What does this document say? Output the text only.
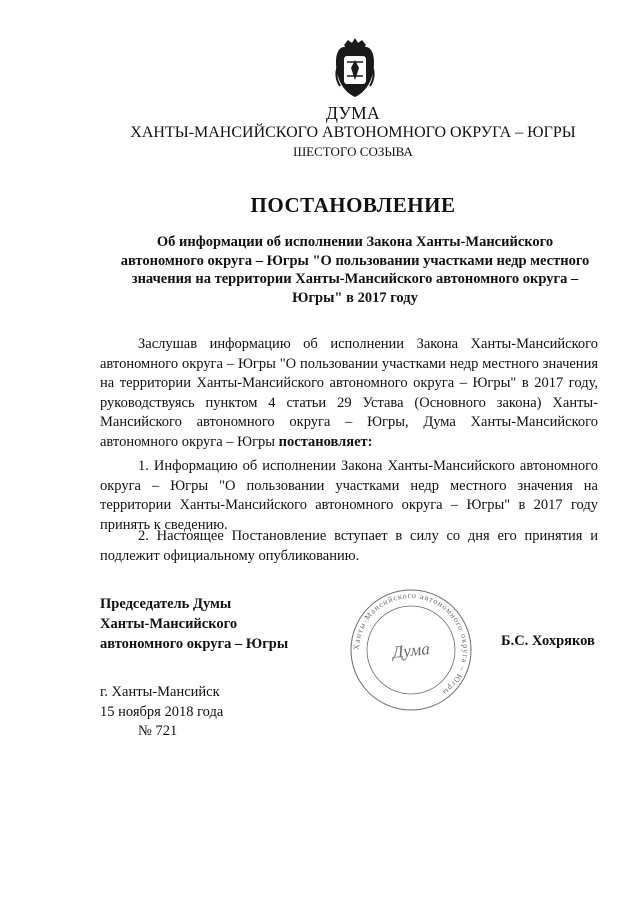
ДУМА
ХАНТЫ-МАНСИЙСКОГО АВТОНОМНОГО ОКРУГА – ЮГРЫ
ШЕСТОГО СОЗЫВА
ПОСТАНОВЛЕНИЕ
Об информации об исполнении Закона Ханты-Мансийского автономного округа – Югры "О пользовании участками недр местного значения на территории Ханты-Мансийского автономного округа – Югры" в 2017 году

Заслушав информацию об исполнении Закона Ханты-Мансийского автономного округа – Югры "О пользовании участками недр местного значения на территории Ханты-Мансийского автономного округа – Югры" в 2017 году, руководствуясь пунктом 4 статьи 29 Устава (Основного закона) Ханты-Мансийского автономного округа – Югры, Дума Ханты-Мансийского автономного округа – Югры постановляет:

1. Информацию об исполнении Закона Ханты-Мансийского автономного округа – Югры "О пользовании участками недр местного значения на территории Ханты-Мансийского автономного округа – Югры" в 2017 году принять к сведению.

2. Настоящее Постановление вступает в силу со дня его принятия и подлежит официальному опубликованию.

Председатель Думы
Ханты-Мансийского
автономного округа – Югры	Ханты-Мансийского автономного округа – Югры
Дума	Б.С. Хохряков
г. Ханты-Мансийск
15 ноября 2018 года
№ 721
